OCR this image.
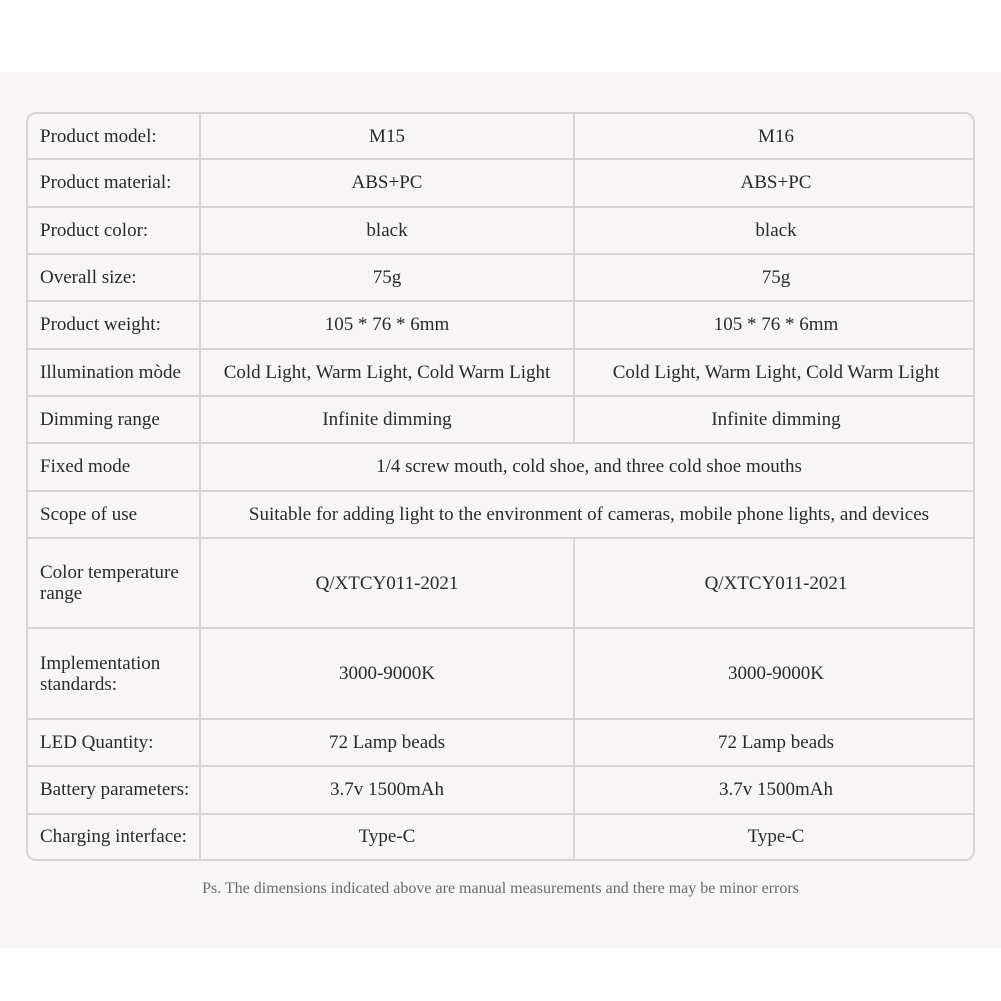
Product model:	M15	M16
Product material:	ABS+PC	ABS+PC
Product color:	black	black
Overall size:	75g	75g
Product weight:	105 * 76 * 6mm	105 * 76 * 6mm
Illumination mòde	Cold Light, Warm Light, Cold Warm Light	Cold Light, Warm Light, Cold Warm Light
Dimming range	Infinite dimming	Infinite dimming
Fixed mode	1/4 screw mouth, cold shoe, and three cold shoe mouths	
Scope of use	Suitable for adding light to the environment of cameras, mobile phone lights, and devices	
Color temperature range	Q/XTCY011-2021	Q/XTCY011-2021
Implementation standards:	3000-9000K	3000-9000K
LED Quantity:	72 Lamp beads	72 Lamp beads
Battery parameters:	3.7v 1500mAh	3.7v 1500mAh
Charging interface:	Type-C	Type-C
Ps. The dimensions indicated above are manual measurements and there may be minor errors
